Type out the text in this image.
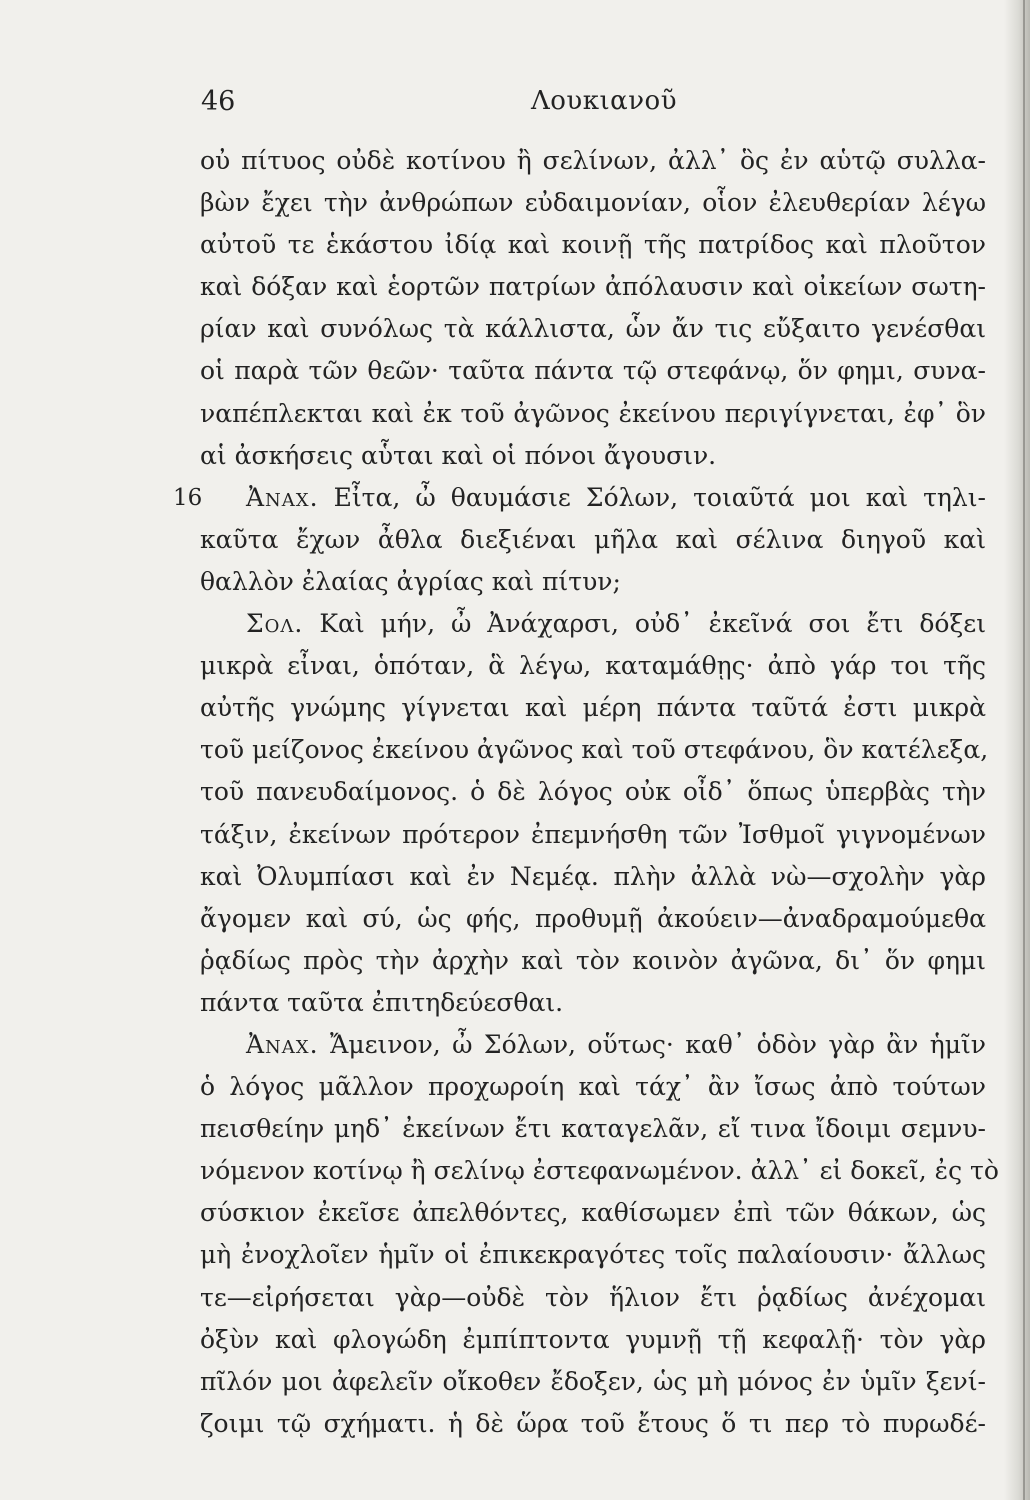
46	Λουκιανοῦ
οὐ πίτυος οὐδὲ κοτίνου ἢ σελίνων, ἀλλ᾽ ὃς ἐν αὑτῷ συλλα-
βὼν ἔχει τὴν ἀνθρώπων εὐδαιμονίαν, οἷον ἐλευθερίαν λέγω
αὐτοῦ τε ἑκάστου ἰδίᾳ καὶ κοινῇ τῆς πατρίδος καὶ πλοῦτον
καὶ δόξαν καὶ ἑορτῶν πατρίων ἀπόλαυσιν καὶ οἰκείων σωτη-
ρίαν καὶ συνόλως τὰ κάλλιστα, ὧν ἄν τις εὔξαιτο γενέσθαι
οἱ παρὰ τῶν θεῶν· ταῦτα πάντα τῷ στεφάνῳ, ὅν φημι, συνα-
ναπέπλεκται καὶ ἐκ τοῦ ἀγῶνος ἐκείνου περιγίγνεται, ἐφ᾽ ὃν
αἱ ἀσκήσεις αὗται καὶ οἱ πόνοι ἄγουσιν.
16 Ἀναχ. Εἶτα, ὦ θαυμάσιε Σόλων, τοιαῦτά μοι καὶ τηλι-
καῦτα ἔχων ἆθλα διεξιέναι μῆλα καὶ σέλινα διηγοῦ καὶ
θαλλὸν ἐλαίας ἀγρίας καὶ πίτυν;
Σολ. Καὶ μήν, ὦ Ἀνάχαρσι, οὐδ᾽ ἐκεῖνά σοι ἔτι δόξει
μικρὰ εἶναι, ὁπόταν, ἃ λέγω, καταμάθῃς· ἀπὸ γάρ τοι τῆς
αὐτῆς γνώμης γίγνεται καὶ μέρη πάντα ταῦτά ἐστι μικρὰ
τοῦ μείζονος ἐκείνου ἀγῶνος καὶ τοῦ στεφάνου, ὃν κατέλεξα,
τοῦ πανευδαίμονος. ὁ δὲ λόγος οὐκ οἶδ᾽ ὅπως ὑπερβὰς τὴν
τάξιν, ἐκείνων πρότερον ἐπεμνήσθη τῶν Ἰσθμοῖ γιγνομένων
καὶ Ὀλυμπίασι καὶ ἐν Νεμέᾳ. πλὴν ἀλλὰ νὼ—σχολὴν γὰρ
ἄγομεν καὶ σύ, ὡς φής, προθυμῇ ἀκούειν—ἀναδραμούμεθα
ῥᾳδίως πρὸς τὴν ἀρχὴν καὶ τὸν κοινὸν ἀγῶνα, δι᾽ ὅν φημι
πάντα ταῦτα ἐπιτηδεύεσθαι.
Ἀναχ. Ἄμεινον, ὦ Σόλων, οὕτως· καθ᾽ ὁδὸν γὰρ ἂν ἡμῖν
ὁ λόγος μᾶλλον προχωροίη καὶ τάχ᾽ ἂν ἴσως ἀπὸ τούτων
πεισθείην μηδ᾽ ἐκείνων ἔτι καταγελᾶν, εἴ τινα ἴδοιμι σεμνυ-
νόμενον κοτίνῳ ἢ σελίνῳ ἐστεφανωμένον. ἀλλ᾽ εἰ δοκεῖ, ἐς τὸ
σύσκιον ἐκεῖσε ἀπελθόντες, καθίσωμεν ἐπὶ τῶν θάκων, ὡς
μὴ ἐνοχλοῖεν ἡμῖν οἱ ἐπικεκραγότες τοῖς παλαίουσιν· ἄλλως
τε—εἰρήσεται γὰρ—οὐδὲ τὸν ἥλιον ἔτι ῥᾳδίως ἀνέχομαι
ὀξὺν καὶ φλογώδη ἐμπίπτοντα γυμνῇ τῇ κεφαλῇ· τὸν γὰρ
πῖλόν μοι ἀφελεῖν οἴκοθεν ἔδοξεν, ὡς μὴ μόνος ἐν ὑμῖν ξενί-
ζοιμι τῷ σχήματι. ἡ δὲ ὥρα τοῦ ἔτους ὅ τι περ τὸ πυρωδέ-
